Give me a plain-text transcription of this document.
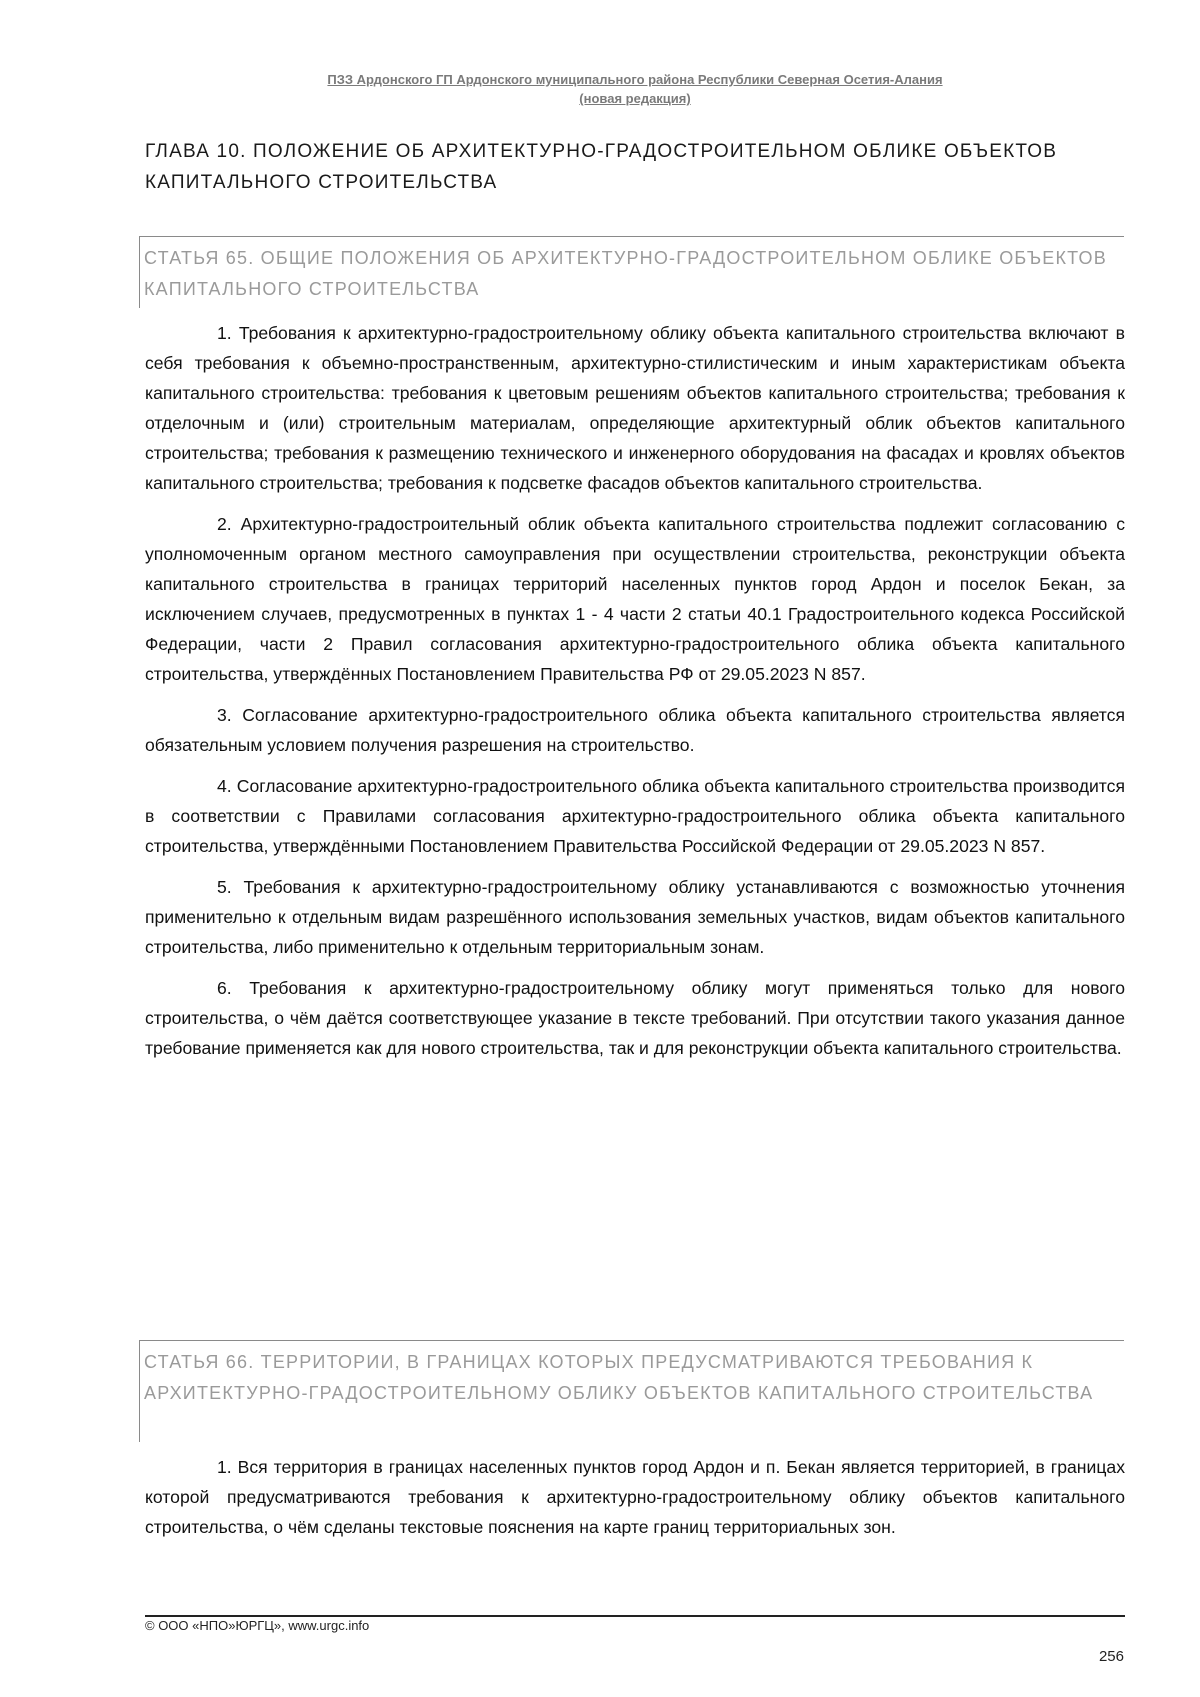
ПЗЗ Ардонского ГП Ардонского муниципального района Республики Северная Осетия-Алания
(новая редакция)
ГЛАВА 10. ПОЛОЖЕНИЕ ОБ АРХИТЕКТУРНО-ГРАДОСТРОИТЕЛЬНОМ ОБЛИКЕ ОБЪЕКТОВ КАПИТАЛЬНОГО СТРОИТЕЛЬСТВА
СТАТЬЯ 65. ОБЩИЕ ПОЛОЖЕНИЯ ОБ АРХИТЕКТУРНО-ГРАДОСТРОИТЕЛЬНОМ ОБЛИКЕ ОБЪЕКТОВ КАПИТАЛЬНОГО СТРОИТЕЛЬСТВА

1. Требования к архитектурно-градостроительному облику объекта капитального строительства включают в себя требования к объемно-пространственным, архитектурно-стилистическим и иным характеристикам объекта капитального строительства: требования к цветовым решениям объектов капитального строительства; требования к отделочным и (или) строительным материалам, определяющие архитектурный облик объектов капитального строительства; требования к размещению технического и инженерного оборудования на фасадах и кровлях объектов капитального строительства; требования к подсветке фасадов объектов капитального строительства.

2. Архитектурно-градостроительный облик объекта капитального строительства подлежит согласованию с уполномоченным органом местного самоуправления при осуществлении строительства, реконструкции объекта капитального строительства в границах территорий населенных пунктов город Ардон и поселок Бекан, за исключением случаев, предусмотренных в пунктах 1 - 4 части 2 статьи 40.1 Градостроительного кодекса Российской Федерации, части 2 Правил согласования архитектурно-градостроительного облика объекта капитального строительства, утверждённых Постановлением Правительства РФ от 29.05.2023 N 857.

3. Согласование архитектурно-градостроительного облика объекта капитального строительства является обязательным условием получения разрешения на строительство.

4. Согласование архитектурно-градостроительного облика объекта капитального строительства производится в соответствии с Правилами согласования архитектурно-градостроительного облика объекта капитального строительства, утверждёнными Постановлением Правительства Российской Федерации от 29.05.2023 N 857.

5. Требования к архитектурно-градостроительному облику устанавливаются с возможностью уточнения применительно к отдельным видам разрешённого использования земельных участков, видам объектов капитального строительства, либо применительно к отдельным территориальным зонам.

6. Требования к архитектурно-градостроительному облику могут применяться только для нового строительства, о чём даётся соответствующее указание в тексте требований. При отсутствии такого указания данное требование применяется как для нового строительства, так и для реконструкции объекта капитального строительства.

СТАТЬЯ 66. ТЕРРИТОРИИ, В ГРАНИЦАХ КОТОРЫХ ПРЕДУСМАТРИВАЮТСЯ ТРЕБОВАНИЯ К АРХИТЕКТУРНО-ГРАДОСТРОИТЕЛЬНОМУ ОБЛИКУ ОБЪЕКТОВ КАПИТАЛЬНОГО СТРОИТЕЛЬСТВА

1. Вся территория в границах населенных пунктов город Ардон и п. Бекан является территорией, в границах которой предусматриваются требования к архитектурно-градостроительному облику объектов капитального строительства, о чём сделаны текстовые пояснения на карте границ территориальных зон.

© ООО «НПО»ЮРГЦ», www.urgc.info
256
